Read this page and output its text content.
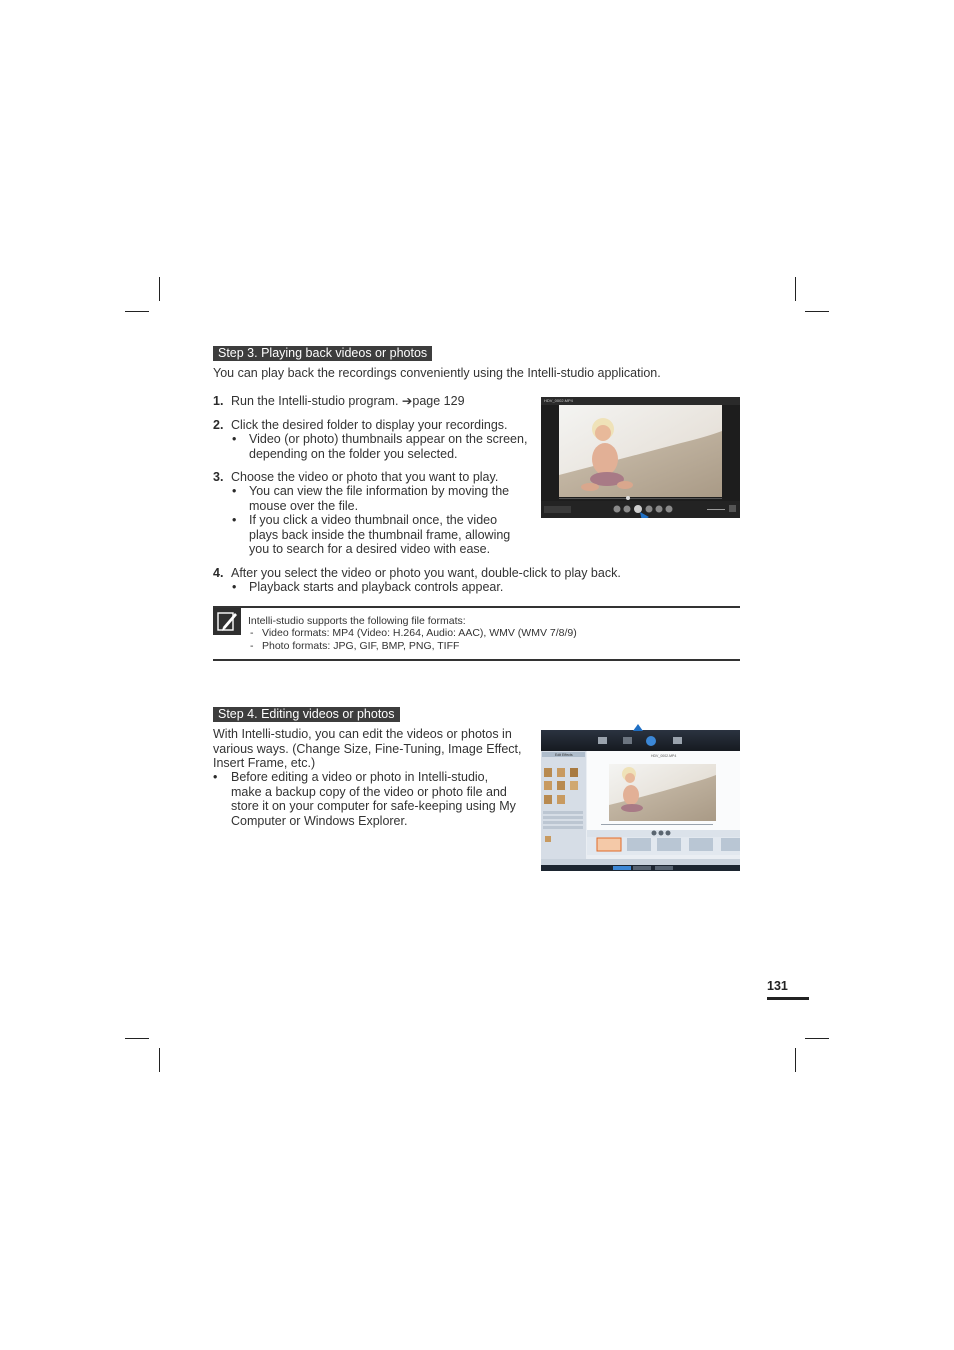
Step 3. Playing back videos or photos
You can play back the recordings conveniently using the Intelli-studio application.
1. Run the Intelli-studio program. ➔page 129
2. Click the desired folder to display your recordings.
• Video (or photo) thumbnails appear on the screen, depending on the folder you selected.
3. Choose the video or photo that you want to play.
• You can view the file information by moving the mouse over the file.
• If you click a video thumbnail once, the video plays back inside the thumbnail frame, allowing you to search for a desired video with ease.
4. After you select the video or photo you want, double-click to play back.
• Playback starts and playback controls appear.
HDV_0002.MP4
Intelli-studio supports the following file formats:
- Video formats: MP4 (Video: H.264, Audio: AAC), WMV (WMV 7/8/9)
- Photo formats: JPG, GIF, BMP, PNG, TIFF
Step 4. Editing videos or photos
With Intelli-studio, you can edit the videos or photos in various ways. (Change Size, Fine-Tuning, Image Effect, Insert Frame, etc.)
• Before editing a video or photo in Intelli-studio, make a backup copy of the video or photo file and store it on your computer for safe-keeping using My Computer or Windows Explorer.
HDV_0002.MP4
Edit Effects
131
